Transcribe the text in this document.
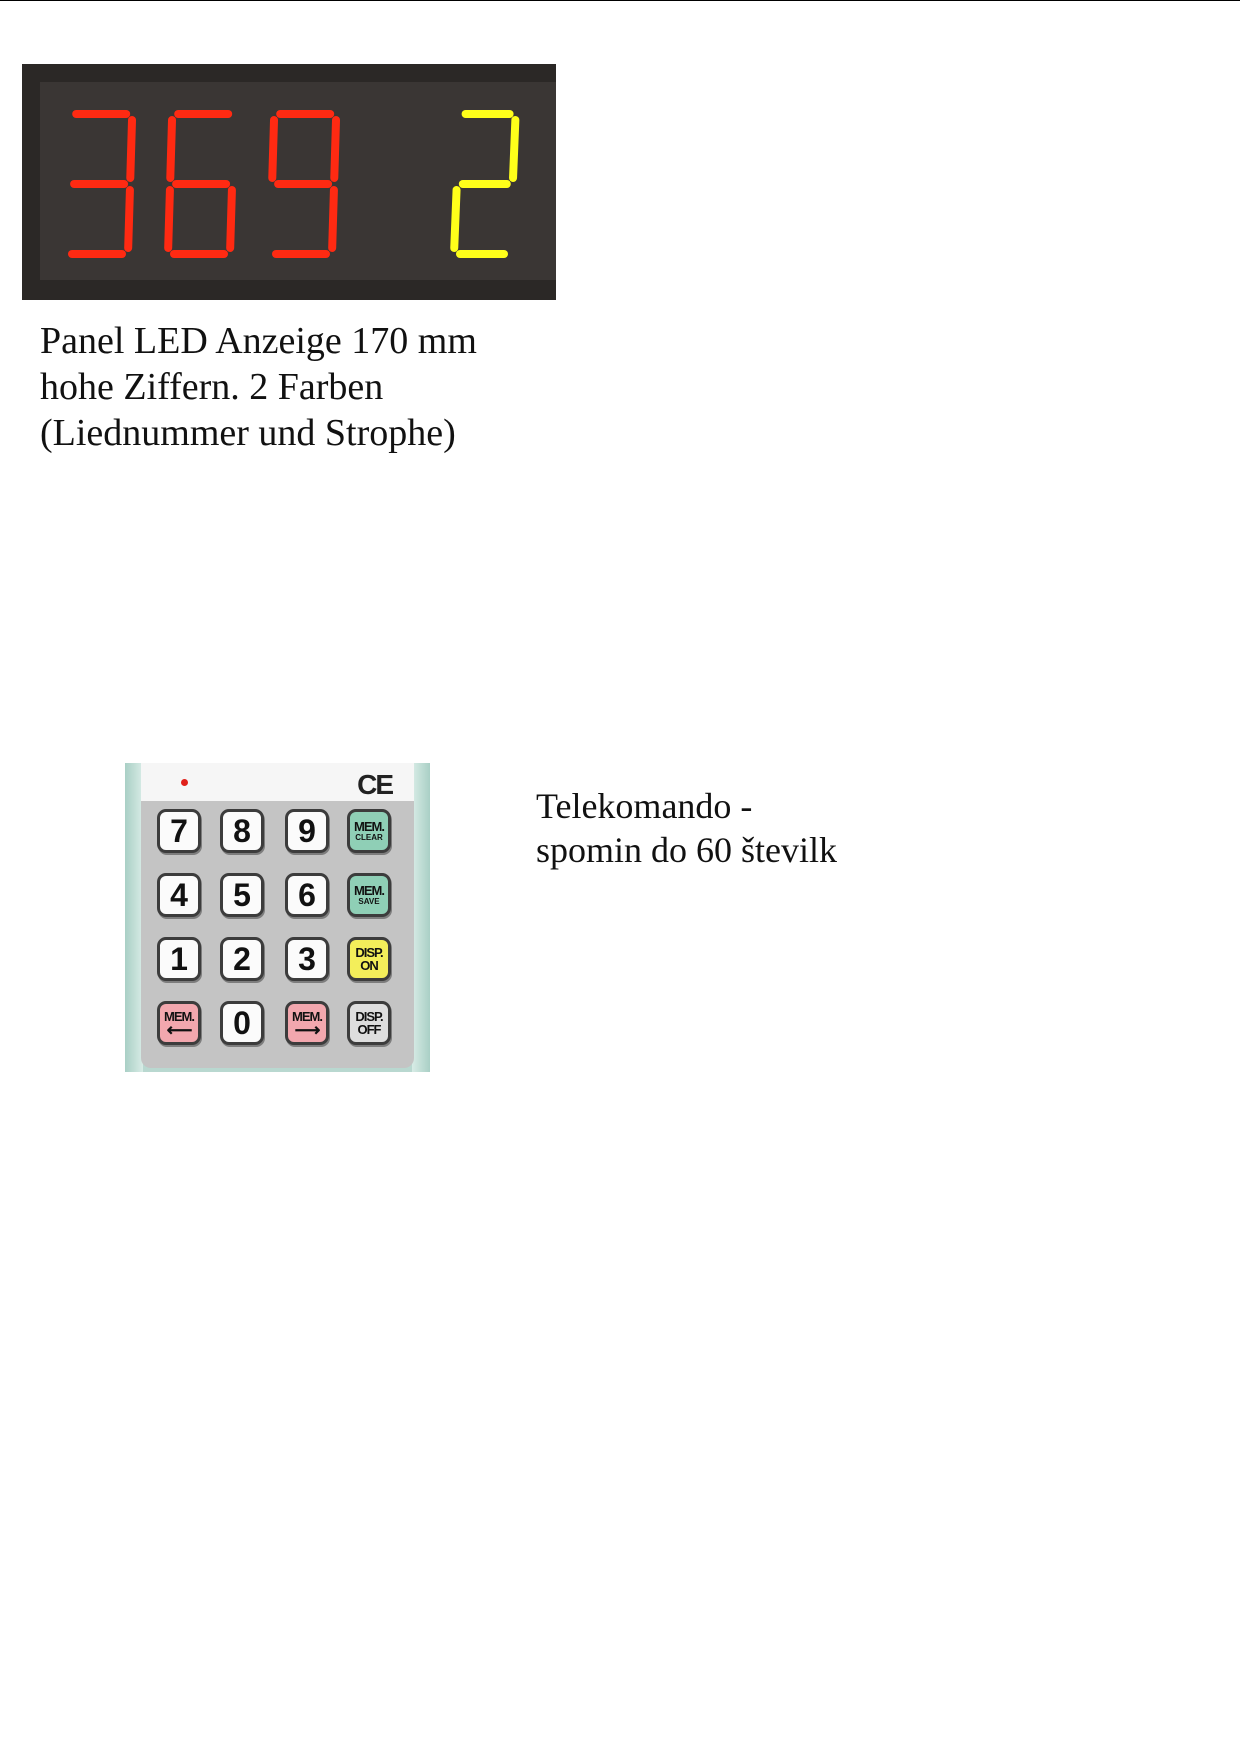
Panel LED Anzeige 170 mm
hohe Ziffern. 2 Farben
(Liednummer und Strophe)
CE
7	8	9	MEM.
CLEAR
4	5	6	MEM.
SAVE
1	2	3	DISP.
ON
MEM.
⟵	0	MEM.
⟶
DISP.
OFF
Telekomando -
spomin do 60 številk
